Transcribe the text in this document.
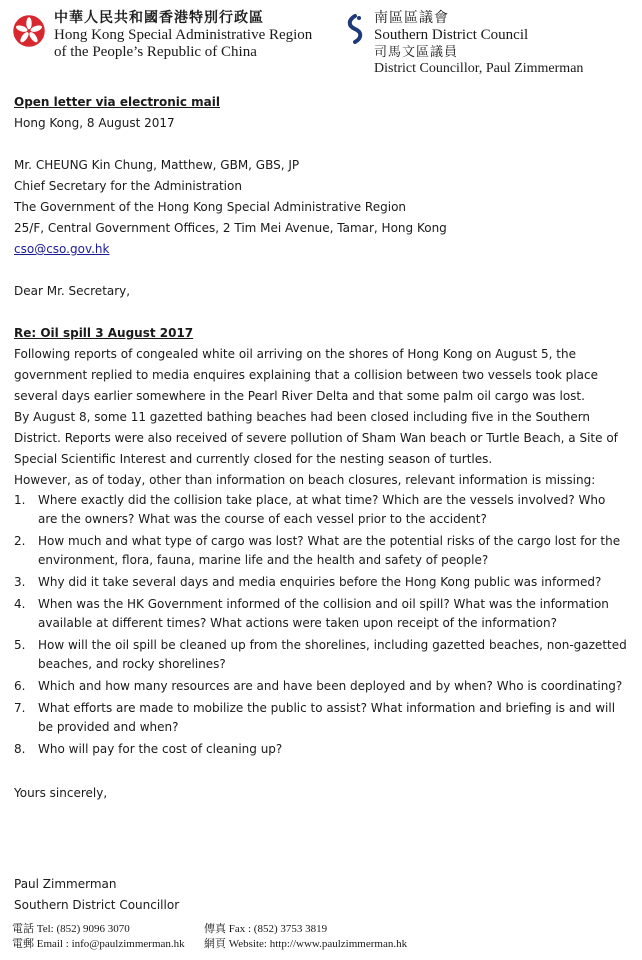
中華人民共和國香港特別行政區
Hong Kong Special Administrative Region
of the People’s Republic of China
南區區議會
Southern District Council
司馬文區議員
District Councillor, Paul Zimmerman
Open letter via electronic mail
Hong Kong, 8 August 2017
Mr. CHEUNG Kin Chung, Matthew, GBM, GBS, JP
Chief Secretary for the Administration
The Government of the Hong Kong Special Administrative Region
25/F, Central Government Offices, 2 Tim Mei Avenue, Tamar, Hong Kong
cso@cso.gov.hk
Dear Mr. Secretary,
Re: Oil spill 3 August 2017

Following reports of congealed white oil arriving on the shores of Hong Kong on August 5, the government replied to media enquires explaining that a collision between two vessels took place several days earlier somewhere in the Pearl River Delta and that some palm oil cargo was lost.

By August 8, some 11 gazetted bathing beaches had been closed including five in the Southern District. Reports were also received of severe pollution of Sham Wan beach or Turtle Beach, a Site of Special Scientific Interest and currently closed for the nesting season of turtles.

However, as of today, other than information on beach closures, relevant information is missing:

1. Where exactly did the collision take place, at what time? Which are the vessels involved? Who are the owners? What was the course of each vessel prior to the accident?
2. How much and what type of cargo was lost? What are the potential risks of the cargo lost for the environment, flora, fauna, marine life and the health and safety of people?
3. Why did it take several days and media enquiries before the Hong Kong public was informed?
4. When was the HK Government informed of the collision and oil spill? What was the information available at different times? What actions were taken upon receipt of the information?
5. How will the oil spill be cleaned up from the shorelines, including gazetted beaches, non-gazetted beaches, and rocky shorelines?
6. Which and how many resources are and have been deployed and by when? Who is coordinating?
7. What efforts are made to mobilize the public to assist? What information and briefing is and will be provided and when?
8. Who will pay for the cost of cleaning up?
Yours sincerely,
Paul Zimmerman
Southern District Councillor
電話 Tel: (852) 9096 3070
電郵 Email : info@paulzimmerman.hk
傳真 Fax : (852) 3753 3819
網頁 Website: http://www.paulzimmerman.hk
